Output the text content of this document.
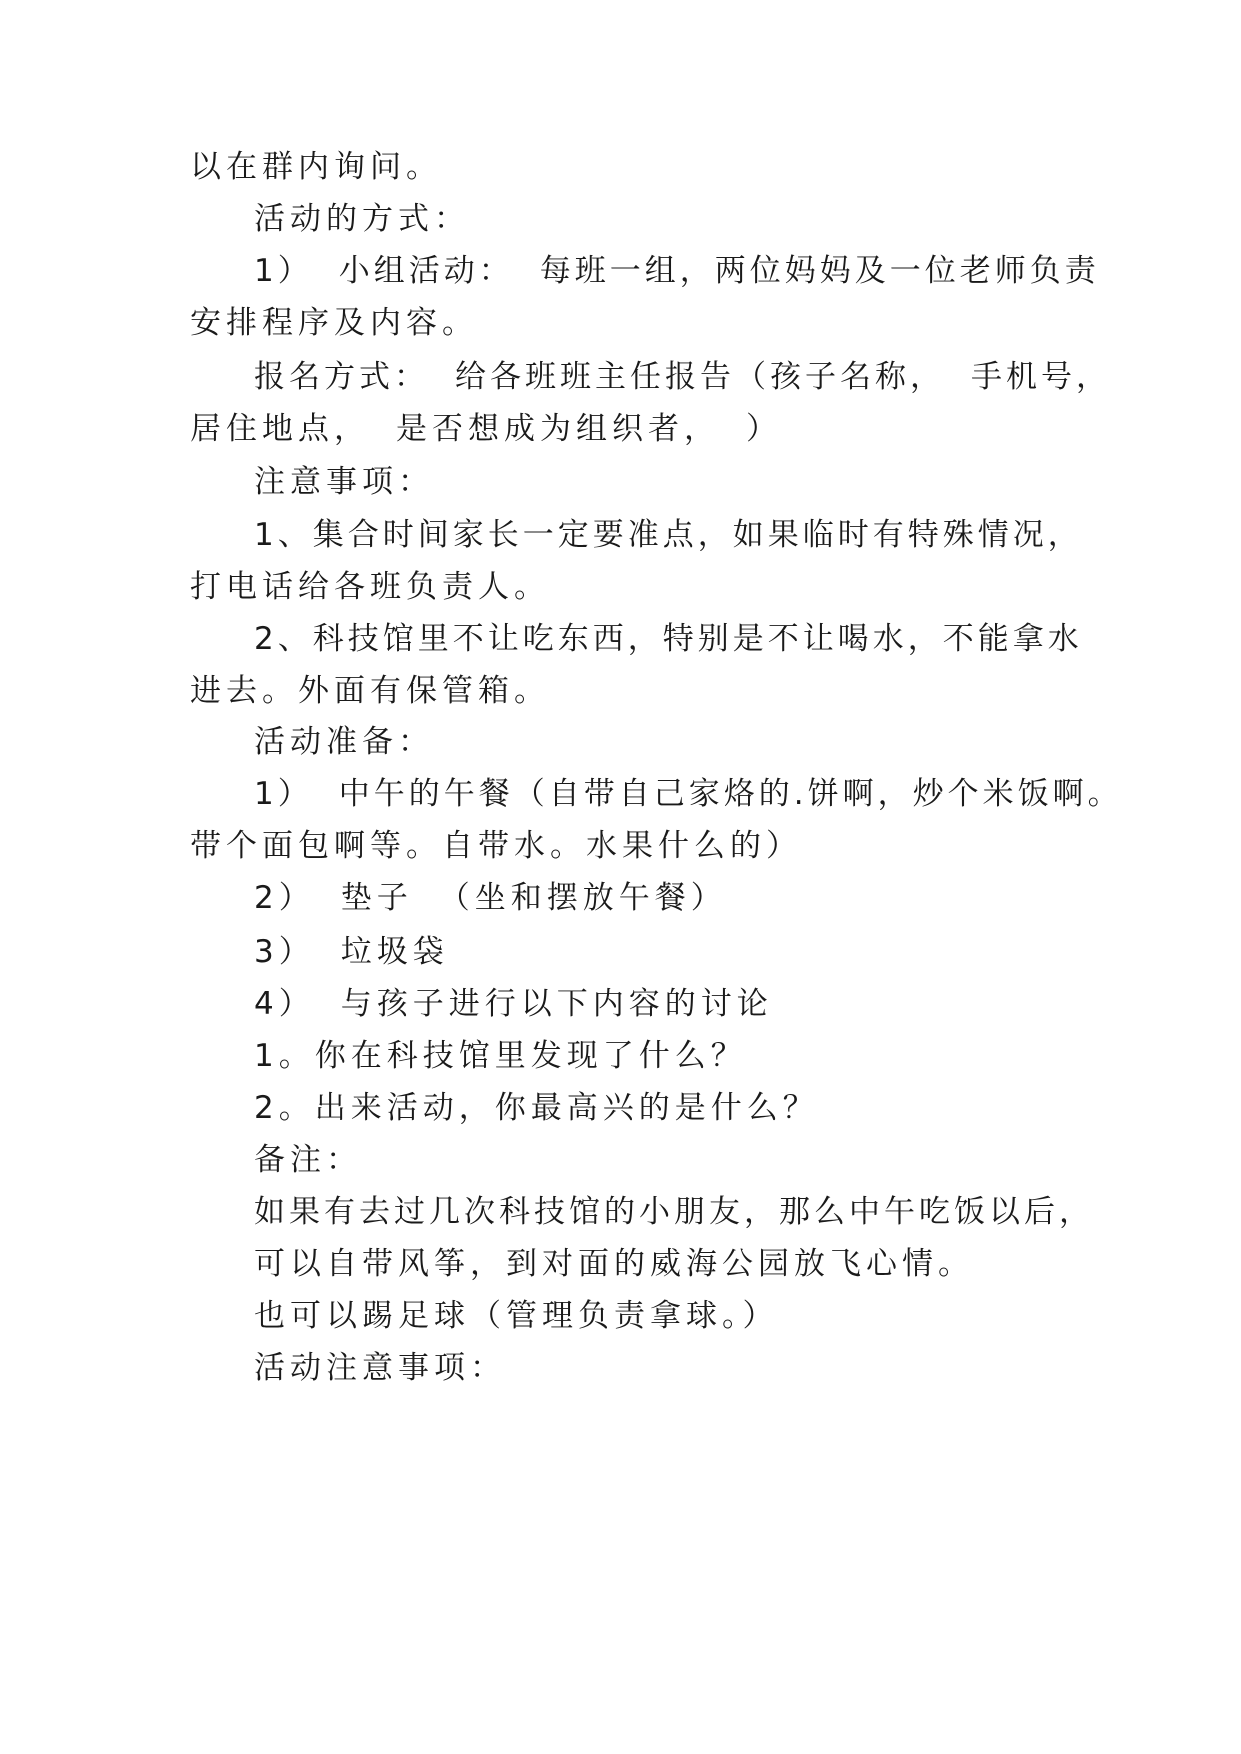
以在群内询问。
活动的方式：
1） 小组活动： 每班一组，两位妈妈及一位老师负责
安排程序及内容。
报名方式： 给各班班主任报告（孩子名称， 手机号，
居住地点， 是否想成为组织者， ）
注意事项：
1、集合时间家长一定要准点，如果临时有特殊情况，
打电话给各班负责人。
2、科技馆里不让吃东西，特别是不让喝水，不能拿水
进去。外面有保管箱。
活动准备：
1） 中午的午餐（自带自己家烙的.饼啊，炒个米饭啊。
带个面包啊等。自带水。水果什么的）
2） 垫子 （坐和摆放午餐）
3） 垃圾袋
4） 与孩子进行以下内容的讨论
1。你在科技馆里发现了什么？
2。出来活动，你最高兴的是什么？
备注：
如果有去过几次科技馆的小朋友，那么中午吃饭以后，
可以自带风筝，到对面的威海公园放飞心情。
也可以踢足球（管理负责拿球。）
活动注意事项：
